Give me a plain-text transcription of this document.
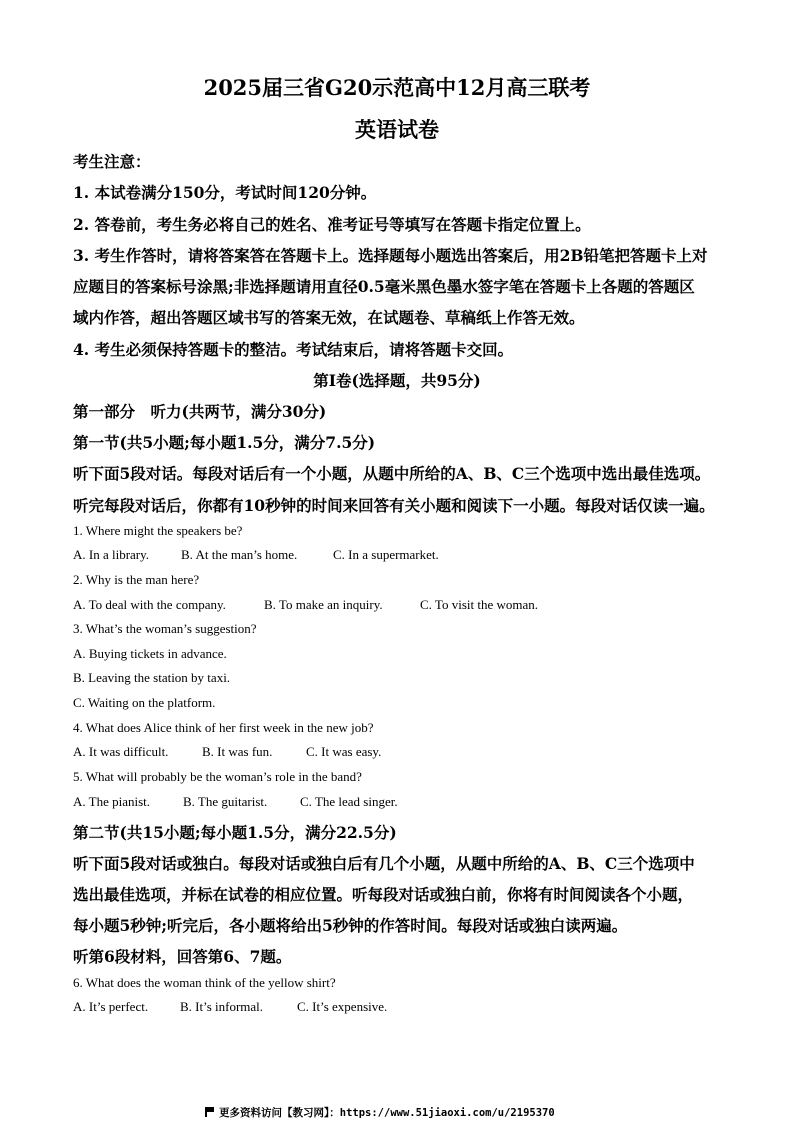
2025届三省G20示范高中12月高三联考
英语试卷
考生注意：
1. 本试卷满分150分，考试时间120分钟。
2. 答卷前，考生务必将自己的姓名、准考证号等填写在答题卡指定位置上。
3. 考生作答时，请将答案答在答题卡上。选择题每小题选出答案后，用2B铅笔把答题卡上对
应题目的答案标号涂黑;非选择题请用直径0.5毫米黑色墨水签字笔在答题卡上各题的答题区
域内作答，超出答题区域书写的答案无效，在试题卷、草稿纸上作答无效。
4. 考生必须保持答题卡的整洁。考试结束后，请将答题卡交回。
第Ⅰ卷(选择题，共95分)
第一部分　听力(共两节，满分30分)
第一节(共5小题;每小题1.5分，满分7.5分)
听下面5段对话。每段对话后有一个小题，从题中所给的A、B、C三个选项中选出最佳选项。
听完每段对话后，你都有10秒钟的时间来回答有关小题和阅读下一小题。每段对话仅读一遍。
1. Where might the speakers be?
A. In a library. B. At the man’s home.	C. In a supermarket.
2. Why is the man here?
A. To deal with the company.	B. To make an inquiry.	C. To visit the woman.
3. What’s the woman’s suggestion?
A. Buying tickets in advance.
B. Leaving the station by taxi.
C. Waiting on the platform.
4. What does Alice think of her first week in the new job?
A. It was difficult.	B. It was fun.	C. It was easy.
5. What will probably be the woman’s role in the band?
A. The pianist.	B. The guitarist.	C. The lead singer.
第二节(共15小题;每小题1.5分，满分22.5分)
听下面5段对话或独白。每段对话或独白后有几个小题，从题中所给的A、B、C三个选项中
选出最佳选项，并标在试卷的相应位置。听每段对话或独白前，你将有时间阅读各个小题，
每小题5秒钟;听完后，各小题将给出5秒钟的作答时间。每段对话或独白读两遍。
听第6段材料，回答第6、7题。
6. What does the woman think of the yellow shirt?
A. It’s perfect. B. It’s informal.	C. It’s expensive.
更多资料访问【教习网】：https://www.51jiaoxi.com/u/2195370
